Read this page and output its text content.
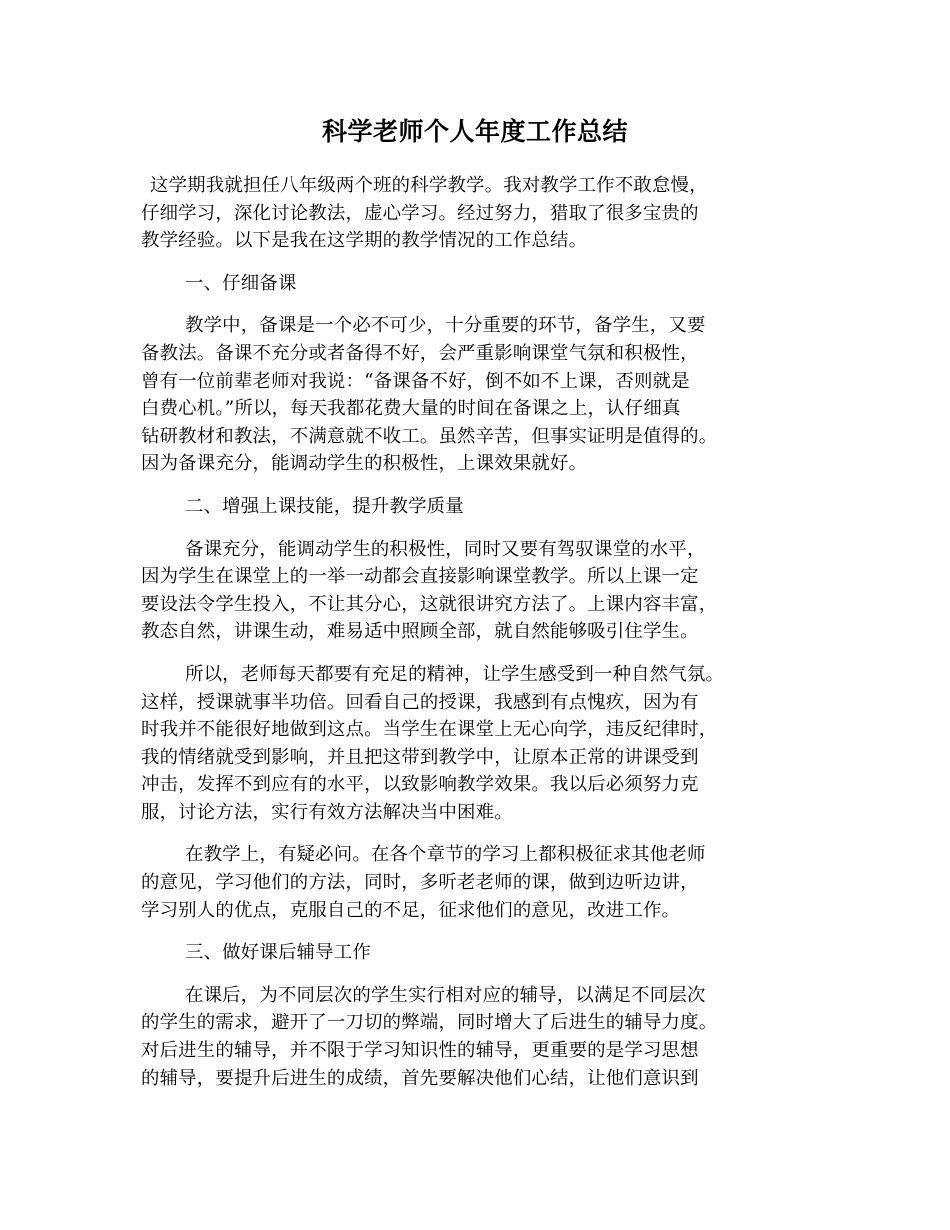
科学老师个人年度工作总结
这学期我就担任八年级两个班的科学教学。我对教学工作不敢怠慢，
仔细学习，深化讨论教法，虚心学习。经过努力，猎取了很多宝贵的
教学经验。以下是我在这学期的教学情况的工作总结。
一、仔细备课
教学中，备课是一个必不可少，十分重要的环节，备学生，又要
备教法。备课不充分或者备得不好，会严重影响课堂气氛和积极性，
曾有一位前辈老师对我说：“备课备不好，倒不如不上课，否则就是
白费心机。”所以，每天我都花费大量的时间在备课之上，认仔细真
钻研教材和教法，不满意就不收工。虽然辛苦，但事实证明是值得的。
因为备课充分，能调动学生的积极性，上课效果就好。
二、增强上课技能，提升教学质量
备课充分，能调动学生的积极性，同时又要有驾驭课堂的水平，
因为学生在课堂上的一举一动都会直接影响课堂教学。所以上课一定
要设法令学生投入，不让其分心，这就很讲究方法了。上课内容丰富，
教态自然，讲课生动，难易适中照顾全部，就自然能够吸引住学生。
所以，老师每天都要有充足的精神，让学生感受到一种自然气氛。
这样，授课就事半功倍。回看自己的授课，我感到有点愧疚，因为有
时我并不能很好地做到这点。当学生在课堂上无心向学，违反纪律时，
我的情绪就受到影响，并且把这带到教学中，让原本正常的讲课受到
冲击，发挥不到应有的水平，以致影响教学效果。我以后必须努力克
服，讨论方法，实行有效方法解决当中困难。
在教学上，有疑必问。在各个章节的学习上都积极征求其他老师
的意见，学习他们的方法，同时，多听老老师的课，做到边听边讲，
学习别人的优点，克服自己的不足，征求他们的意见，改进工作。
三、做好课后辅导工作
在课后，为不同层次的学生实行相对应的辅导，以满足不同层次
的学生的需求，避开了一刀切的弊端，同时增大了后进生的辅导力度。
对后进生的辅导，并不限于学习知识性的辅导，更重要的是学习思想
的辅导，要提升后进生的成绩，首先要解决他们心结，让他们意识到
